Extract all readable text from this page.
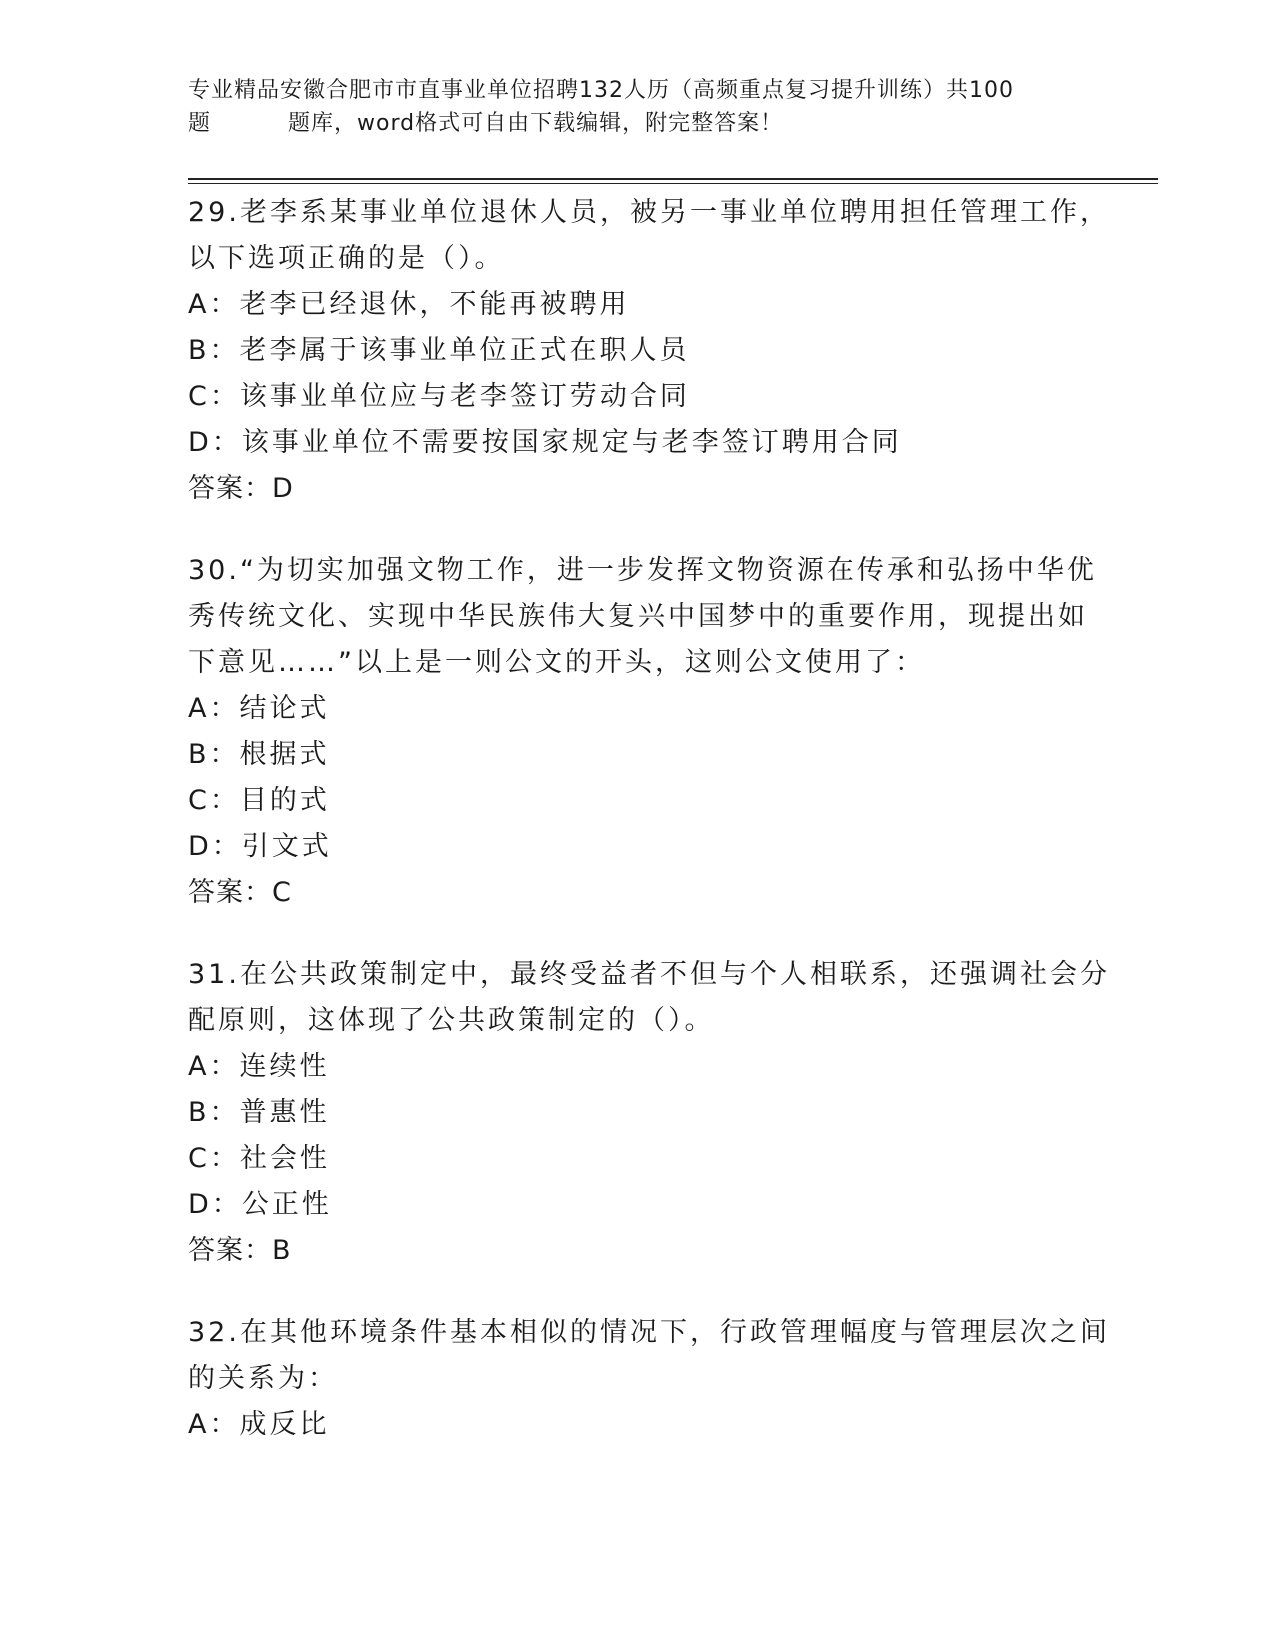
专业精品安徽合肥市市直事业单位招聘132人历（高频重点复习提升训练）共100
题	题库，word格式可自由下载编辑，附完整答案！
29.老李系某事业单位退休人员，被另一事业单位聘用担任管理工作，
以下选项正确的是（）。
A：老李已经退休，不能再被聘用
B：老李属于该事业单位正式在职人员
C：该事业单位应与老李签订劳动合同
D：该事业单位不需要按国家规定与老李签订聘用合同
答案：D
30.“为切实加强文物工作，进一步发挥文物资源在传承和弘扬中华优
秀传统文化、实现中华民族伟大复兴中国梦中的重要作用，现提出如
下意见……”以上是一则公文的开头，这则公文使用了：
A：结论式
B：根据式
C：目的式
D：引文式
答案：C
31.在公共政策制定中，最终受益者不但与个人相联系，还强调社会分
配原则，这体现了公共政策制定的（）。
A：连续性
B：普惠性
C：社会性
D：公正性
答案：B
32.在其他环境条件基本相似的情况下，行政管理幅度与管理层次之间
的关系为：
A：成反比
